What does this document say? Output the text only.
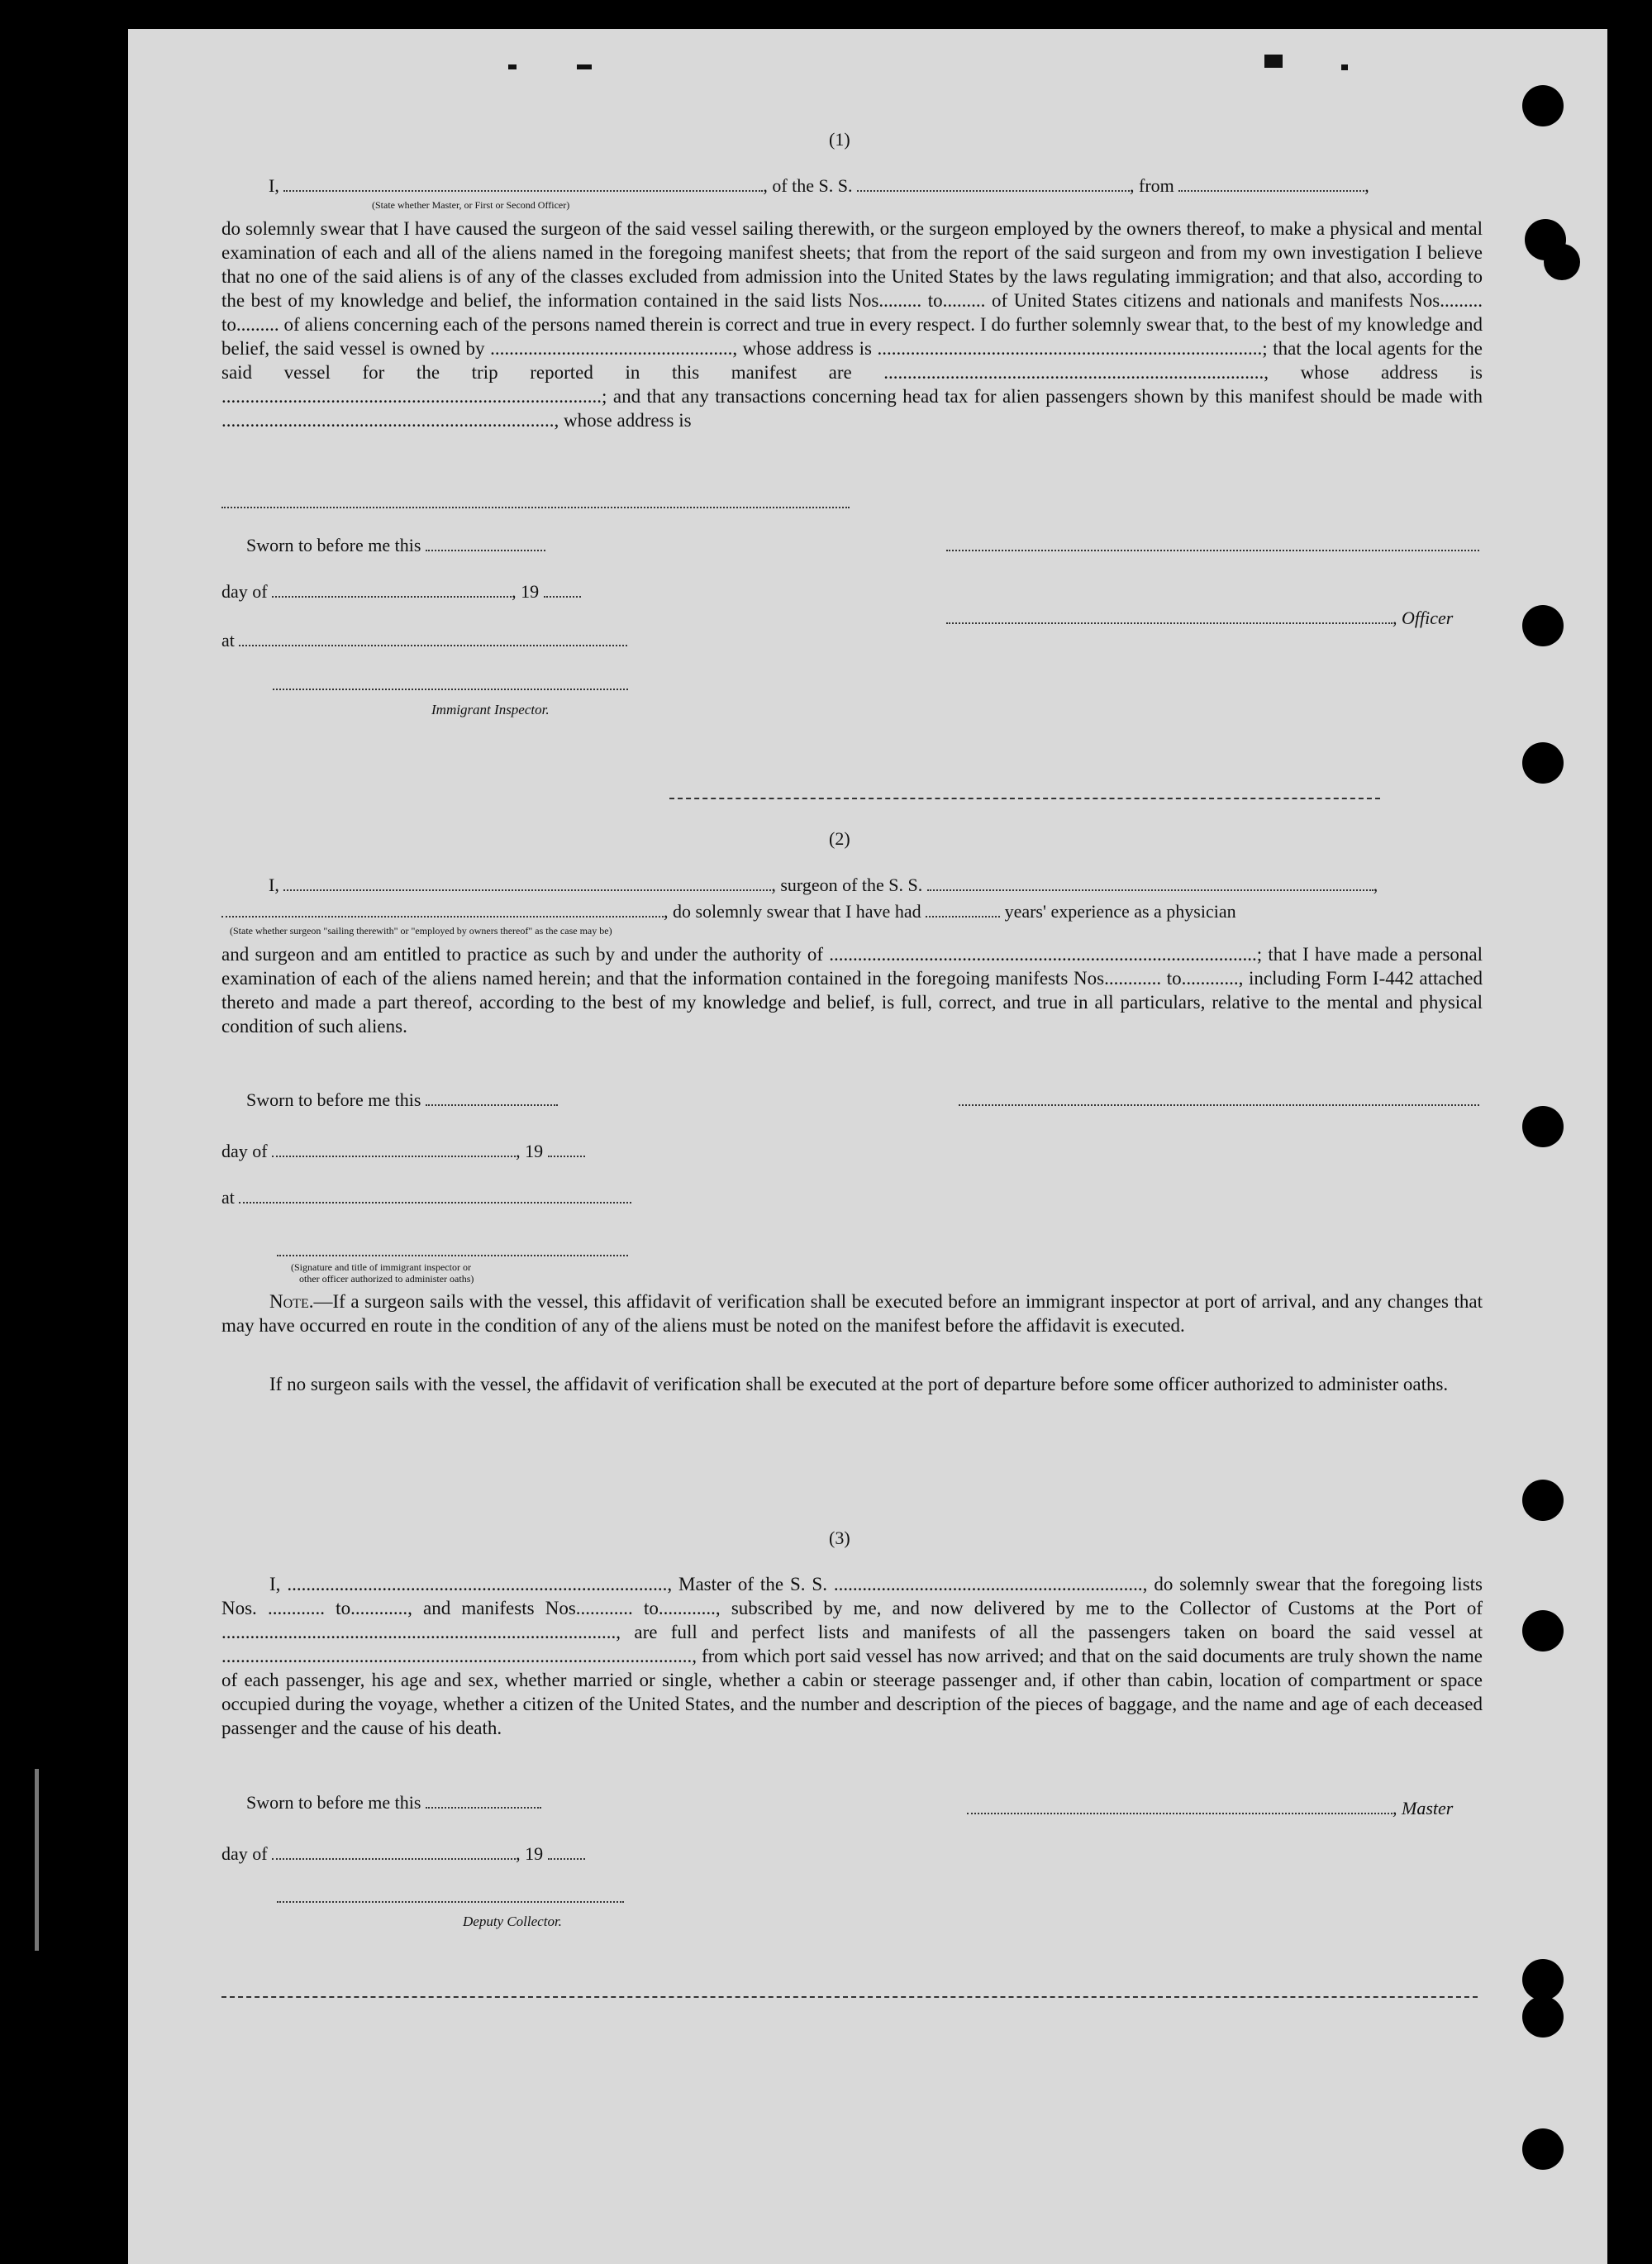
(1)
I,	, of the S. S.	, from	,
(State whether Master, or First or Second Officer)
do solemnly swear that I have caused the surgeon of the said vessel sailing therewith, or the surgeon employed by the owners thereof, to make a physical and mental examination of each and all of the aliens named in the foregoing manifest sheets; that from the report of the said surgeon and from my own investigation I believe that no one of the said aliens is of any of the classes excluded from admission into the United States by the laws regulating immigration; and that also, according to the best of my knowledge and belief, the information contained in the said lists Nos......... to......... of United States citizens and nationals and manifests Nos......... to......... of aliens concerning each of the persons named therein is correct and true in every respect. I do further solemnly swear that, to the best of my knowledge and belief, the said vessel is owned by ..................................................., whose address is .................................................................................; that the local agents for the said vessel for the trip reported in this manifest are ................................................................................, whose address is ................................................................................; and that any transactions concerning head tax for alien passengers shown by this manifest should be made with ......................................................................, whose address is
Sworn to before me this
day of	, 19
, Officer
at
Immigrant Inspector.
(2)
I,	, surgeon of the S. S.	,
, do solemnly swear that I have had	years' experience as a physician
(State whether surgeon "sailing therewith" or "employed by owners thereof" as the case may be)
and surgeon and am entitled to practice as such by and under the authority of ..........................................................................................; that I have made a personal examination of each of the aliens named herein; and that the information contained in the foregoing manifests Nos............ to............, including Form I-442 attached thereto and made a part thereof, according to the best of my knowledge and belief, is full, correct, and true in all particulars, relative to the mental and physical condition of such aliens.
Sworn to before me this
day of	, 19
at
(Signature and title of immigrant inspector or
other officer authorized to administer oaths)
Note.—If a surgeon sails with the vessel, this affidavit of verification shall be executed before an immigrant inspector at port of arrival, and any changes that may have occurred en route in the condition of any of the aliens must be noted on the manifest before the affidavit is executed.
If no surgeon sails with the vessel, the affidavit of verification shall be executed at the port of departure before some officer authorized to administer oaths.
(3)
I, ................................................................................, Master of the S. S. ................................................................., do solemnly swear that the foregoing lists Nos. ............ to............, and manifests Nos............ to............, subscribed by me, and now delivered by me to the Collector of Customs at the Port of ..................................................................................., are full and perfect lists and manifests of all the passengers taken on board the said vessel at ..................................................................................................., from which port said vessel has now arrived; and that on the said documents are truly shown the name of each passenger, his age and sex, whether married or single, whether a cabin or steerage passenger and, if other than cabin, location of compartment or space occupied during the voyage, whether a citizen of the United States, and the number and description of the pieces of baggage, and the name and age of each deceased passenger and the cause of his death.
Sworn to before me this	, Master
day of	, 19
Deputy Collector.
